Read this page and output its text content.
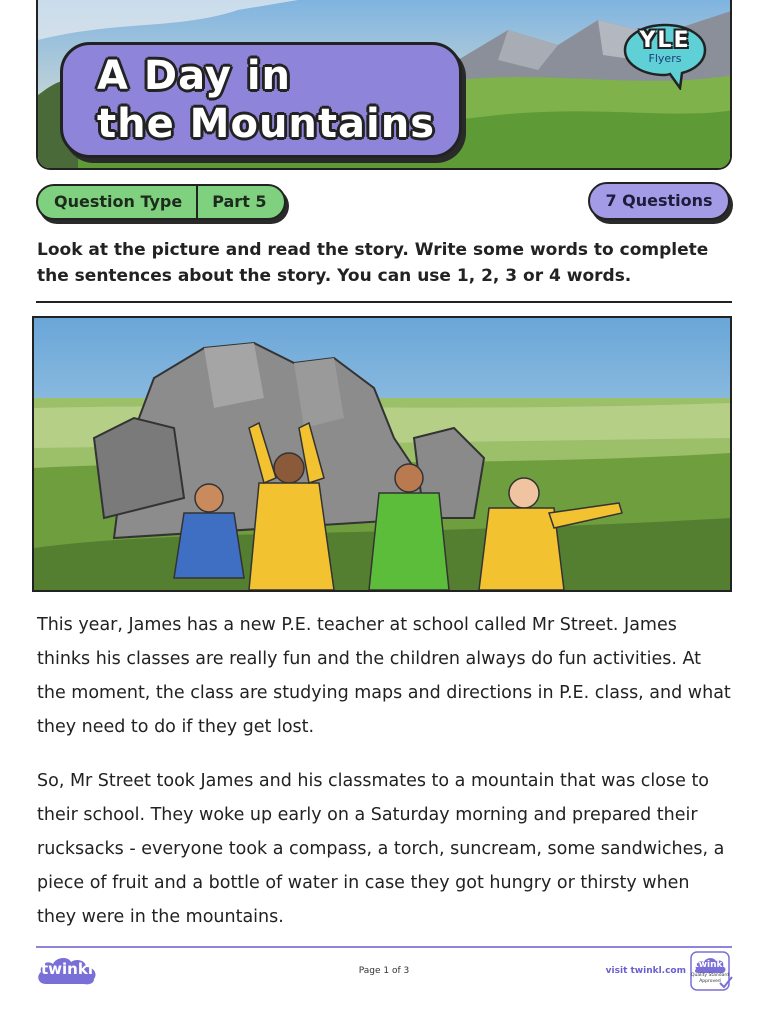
A Day in
the Mountains
YLE
Flyers
Question Type	Part 5	7 Questions
Look at the picture and read the story. Write some words to complete the sentences about the story. You can use 1, 2, 3 or 4 words.
This year, James has a new P.E. teacher at school called Mr Street. James thinks his classes are really fun and the children always do fun activities. At the moment, the class are studying maps and directions in P.E. class, and what they need to do if they get lost.
So, Mr Street took James and his classmates to a mountain that was close to their school. They woke up early on a Saturday morning and prepared their rucksacks - everyone took a compass, a torch, suncream, some sandwiches, a piece of fruit and a bottle of water in case they got hungry or thirsty when they were in the mountains.
twinkl	Page 1 of 3	visit twinkl.com
twinkl
Quality Standard Approved
